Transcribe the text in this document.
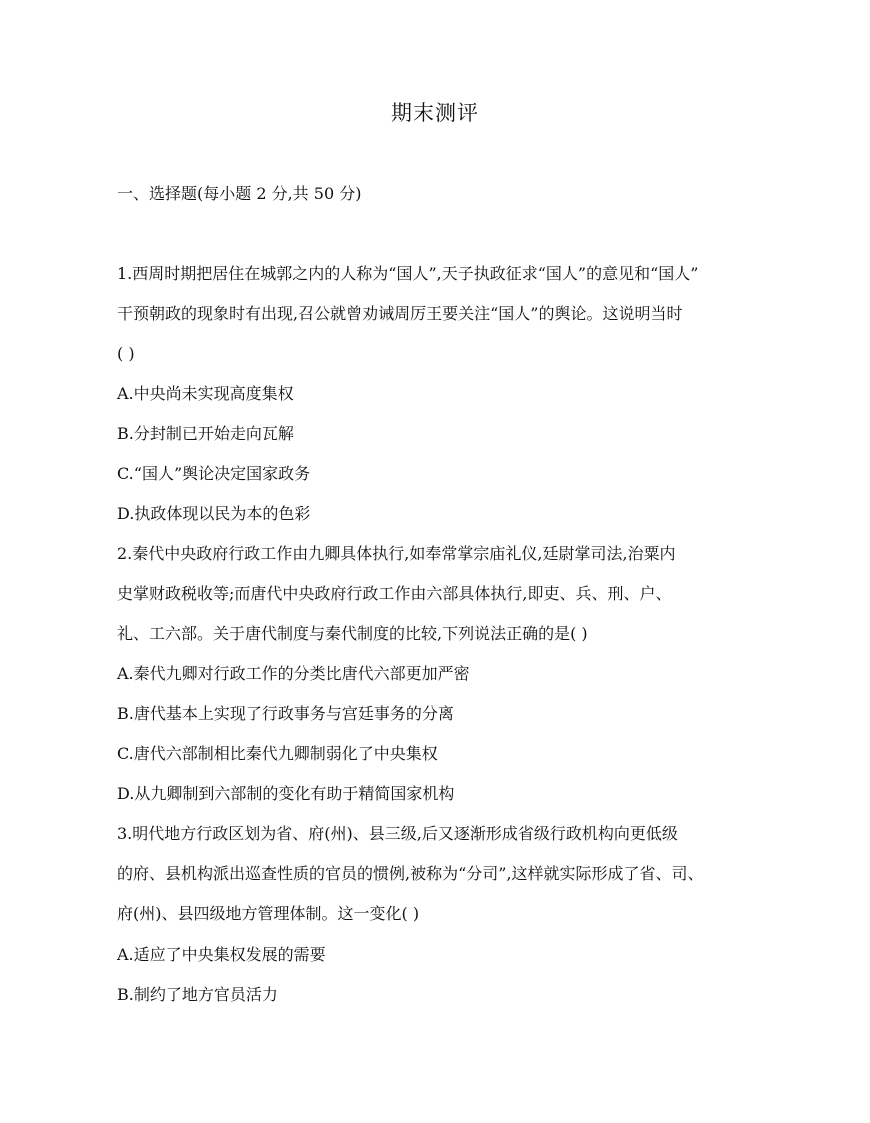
期末测评
一、选择题(每小题 2 分,共 50 分)
1.西周时期把居住在城郭之内的人称为“国人”,天子执政征求“国人”的意见和“国人”
干预朝政的现象时有出现,召公就曾劝诫周厉王要关注“国人”的舆论。这说明当时
( )
A.中央尚未实现高度集权
B.分封制已开始走向瓦解
C.“国人”舆论决定国家政务
D.执政体现以民为本的色彩
2.秦代中央政府行政工作由九卿具体执行,如奉常掌宗庙礼仪,廷尉掌司法,治粟内
史掌财政税收等;而唐代中央政府行政工作由六部具体执行,即吏、兵、刑、户、
礼、工六部。关于唐代制度与秦代制度的比较,下列说法正确的是( )
A.秦代九卿对行政工作的分类比唐代六部更加严密
B.唐代基本上实现了行政事务与宫廷事务的分离
C.唐代六部制相比秦代九卿制弱化了中央集权
D.从九卿制到六部制的变化有助于精简国家机构
3.明代地方行政区划为省、府(州)、县三级,后又逐渐形成省级行政机构向更低级
的府、县机构派出巡查性质的官员的惯例,被称为“分司”,这样就实际形成了省、司、
府(州)、县四级地方管理体制。这一变化( )
A.适应了中央集权发展的需要
B.制约了地方官员活力
